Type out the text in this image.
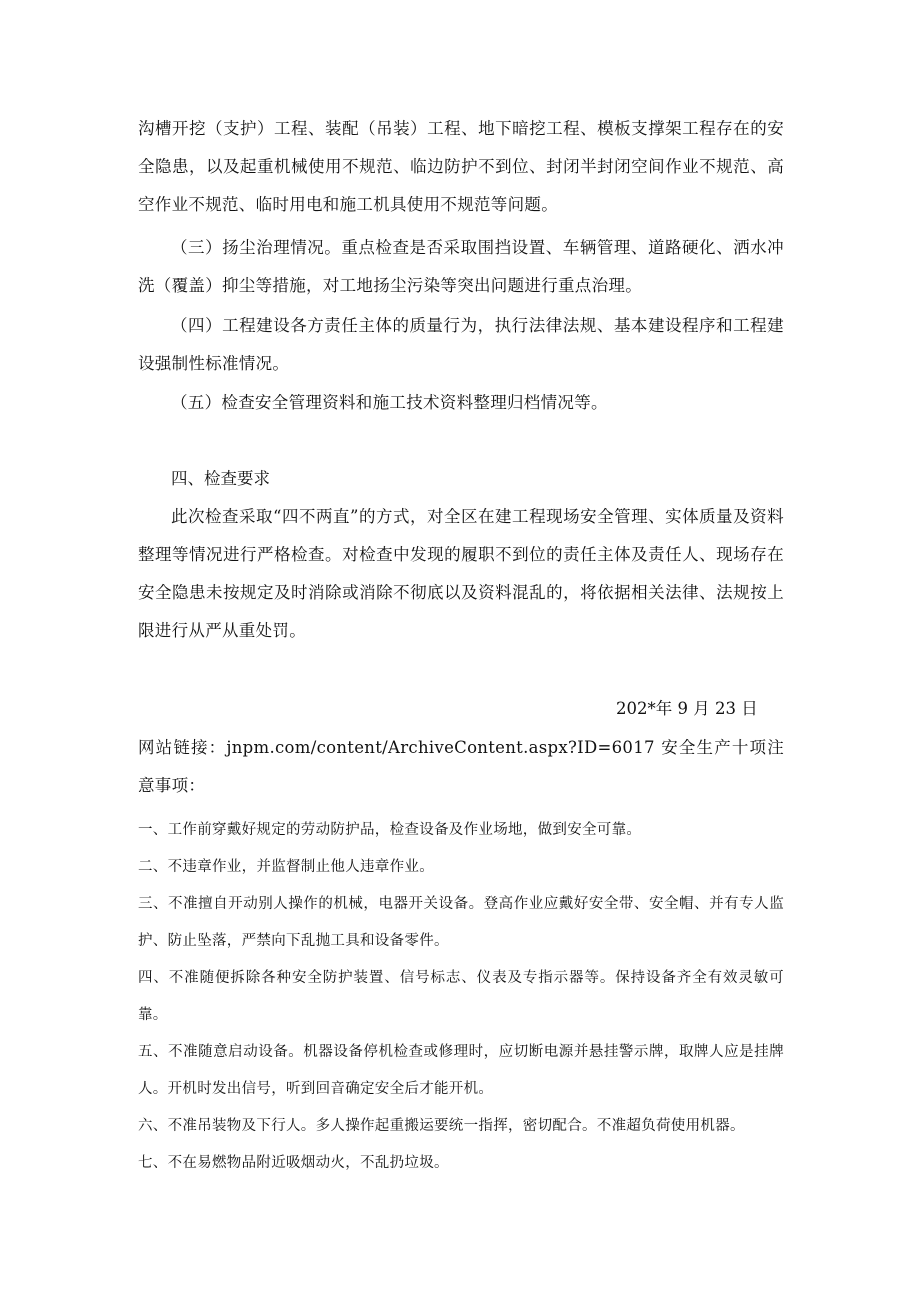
沟槽开挖（支护）工程、装配（吊装）工程、地下暗挖工程、模板支撑架工程存在的安全隐患，以及起重机械使用不规范、临边防护不到位、封闭半封闭空间作业不规范、高空作业不规范、临时用电和施工机具使用不规范等问题。

（三）扬尘治理情况。重点检查是否采取围挡设置、车辆管理、道路硬化、洒水冲洗（覆盖）抑尘等措施，对工地扬尘污染等突出问题进行重点治理。

（四）工程建设各方责任主体的质量行为，执行法律法规、基本建设程序和工程建设强制性标准情况。

（五）检查安全管理资料和施工技术资料整理归档情况等。

四、检查要求

此次检查采取“四不两直”的方式，对全区在建工程现场安全管理、实体质量及资料整理等情况进行严格检查。对检查中发现的履职不到位的责任主体及责任人、现场存在安全隐患未按规定及时消除或消除不彻底以及资料混乱的，将依据相关法律、法规按上限进行从严从重处罚。

202*年 9 月 23 日

网站链接：jnpm.com/content/ArchiveContent.aspx?ID=6017 安全生产十项注意事项：

一、工作前穿戴好规定的劳动防护品，检查设备及作业场地，做到安全可靠。
二、不违章作业，并监督制止他人违章作业。
三、不准擅自开动别人操作的机械，电器开关设备。登高作业应戴好安全带、安全帽、并有专人监护、防止坠落，严禁向下乱抛工具和设备零件。
四、不准随便拆除各种安全防护装置、信号标志、仪表及专指示器等。保持设备齐全有效灵敏可靠。
五、不准随意启动设备。机器设备停机检查或修理时，应切断电源并悬挂警示牌，取牌人应是挂牌人。开机时发出信号，听到回音确定安全后才能开机。
六、不准吊装物及下行人。多人操作起重搬运要统一指挥，密切配合。不准超负荷使用机器。
七、不在易燃物品附近吸烟动火，不乱扔垃圾。
